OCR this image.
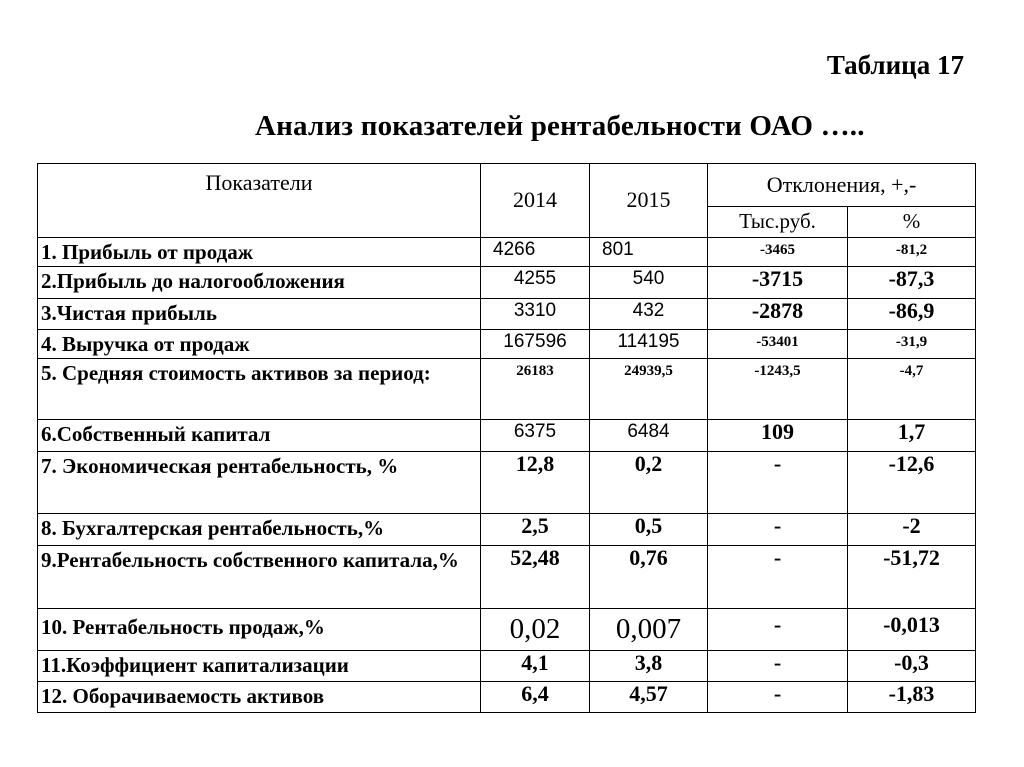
Таблица 17
Анализ показателей рентабельности ОАО …..
Показатели	2014	2015	Отклонения, +,-	
			Тыс.руб.	%
1. Прибыль от продаж	4266	801	-3465	-81,2
2.Прибыль до налогообложения	4255	540	-3715	-87,3
3.Чистая прибыль	3310	432	-2878	-86,9
4. Выручка от продаж	167596	114195	-53401	-31,9
5. Средняя стоимость активов за период:	26183	24939,5	-1243,5	-4,7
6.Собственный капитал	6375	6484	109	1,7
7. Экономическая рентабельность, %	12,8	0,2	-	-12,6
8. Бухгалтерская рентабельность,%	2,5	0,5	-	-2
9.Рентабельность собственного капитала,%	52,48	0,76	-	-51,72
10. Рентабельность продаж,%	0,02	0,007	-	-0,013
11.Коэффициент капитализации	4,1	3,8	-	-0,3
12. Оборачиваемость активов	6,4	4,57	-	-1,83
